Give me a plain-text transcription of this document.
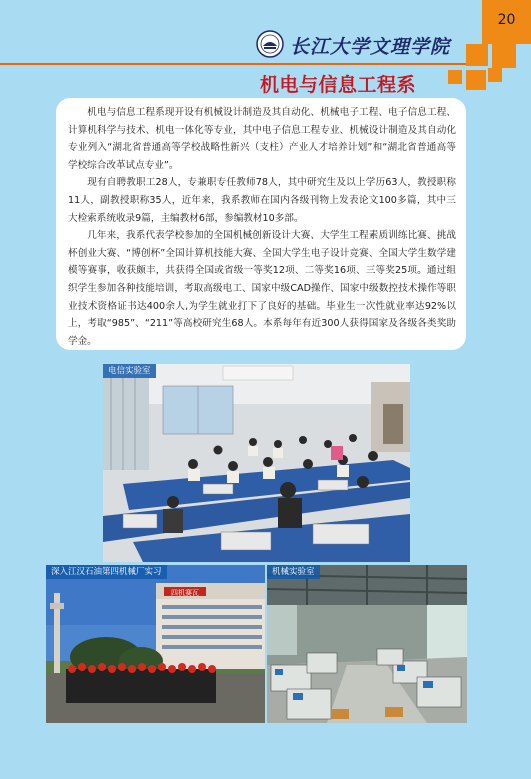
20
长江大学文理学院
机电与信息工程系

机电与信息工程系现开设有机械设计制造及其自动化、机械电子工程、电子信息工程、计算机科学与技术、机电一体化等专业，其中电子信息工程专业、机械设计制造及其自动化专业列入“湖北省普通高等学校战略性新兴（支柱）产业人才培养计划”和“湖北省普通高等学校综合改革试点专业”。

现有自聘教职工28人，专兼职专任教师78人，其中研究生及以上学历63人，教授职称11人，副教授职称35人，近年来，我系教师在国内各级刊物上发表论文100多篇，其中三大检索系统收录9篇，主编教材6部，参编教材10多部。

几年来，我系代表学校参加的全国机械创新设计大赛、大学生工程素质训练比赛、挑战杯创业大赛、“博创杯”全国计算机技能大赛、全国大学生电子设计竞赛、全国大学生数学建模等赛事，收获颇丰，共获得全国或省级一等奖12项、二等奖16项、三等奖25项。通过组织学生参加各种技能培训，考取高级电工、国家中级CAD操作、国家中级数控技术操作等职业技术资格证书达400余人,为学生就业打下了良好的基础。毕业生一次性就业率达92%以上，考取“985”、“211”等高校研究生68人。本系每年有近300人获得国家及各级各类奖助学金。

电信实验室
四机赛瓦
深入江汉石油第四机械厂实习	机械实验室
